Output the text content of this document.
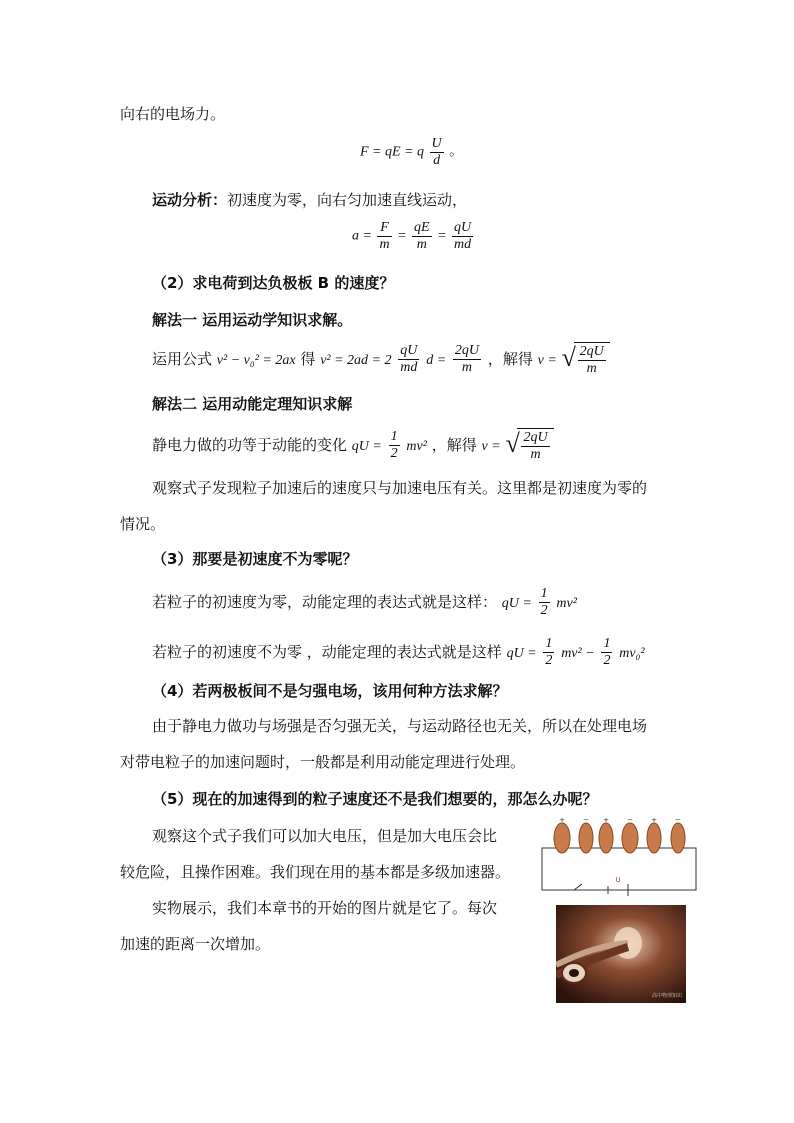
向右的电场力。
F = qE = q $\frac{U}{d}$ 。
运动分析：初速度为零，向右匀加速直线运动，
$a = \frac{F}{m} = \frac{qE}{m} = \frac{qU}{md}$
（2）求电荷到达负极板 B 的速度？
解法一 运用运动学知识求解。
运用公式 v² − v₀² = 2ax 得 $v^2 = 2ad = 2 \frac{qU}{md}$ $d = \frac{2qU}{m}$ ，解得 v = √ $\frac{2qU}{m}$
解法二 运用动能定理知识求解
静电力做的功等于动能的变化 qU = $\frac{1}{2} mv^2$ ，解得 v = √ $\frac{2qU}{m}$
观察式子发现粒子加速后的速度只与加速电压有关。这里都是初速度为零的
情况。
（3）那要是初速度不为零呢？
若粒子的初速度为零，动能定理的表达式就是这样： qU = $\frac{1}{2} mv^2$
若粒子的初速度不为零 ，动能定理的表达式就是这样 qU = $\frac{1}{2} mv^2 - \frac{1}{2} mv_0^2$
（4）若两极板间不是匀强电场，该用何种方法求解？
由于静电力做功与场强是否匀强无关，与运动路径也无关，所以在处理电场
对带电粒子的加速问题时，一般都是利用动能定理进行处理。
（5）现在的加速得到的粒子速度还不是我们想要的，那怎么办呢？
观察这个式子我们可以加大电压，但是加大电压会比
较危险，且操作困难。我们现在用的基本都是多级加速器。
实物展示，我们本章书的开始的图片就是它了。每次
加速的距离一次增加。
+	− +	−	+	−
U
高中物理知识
